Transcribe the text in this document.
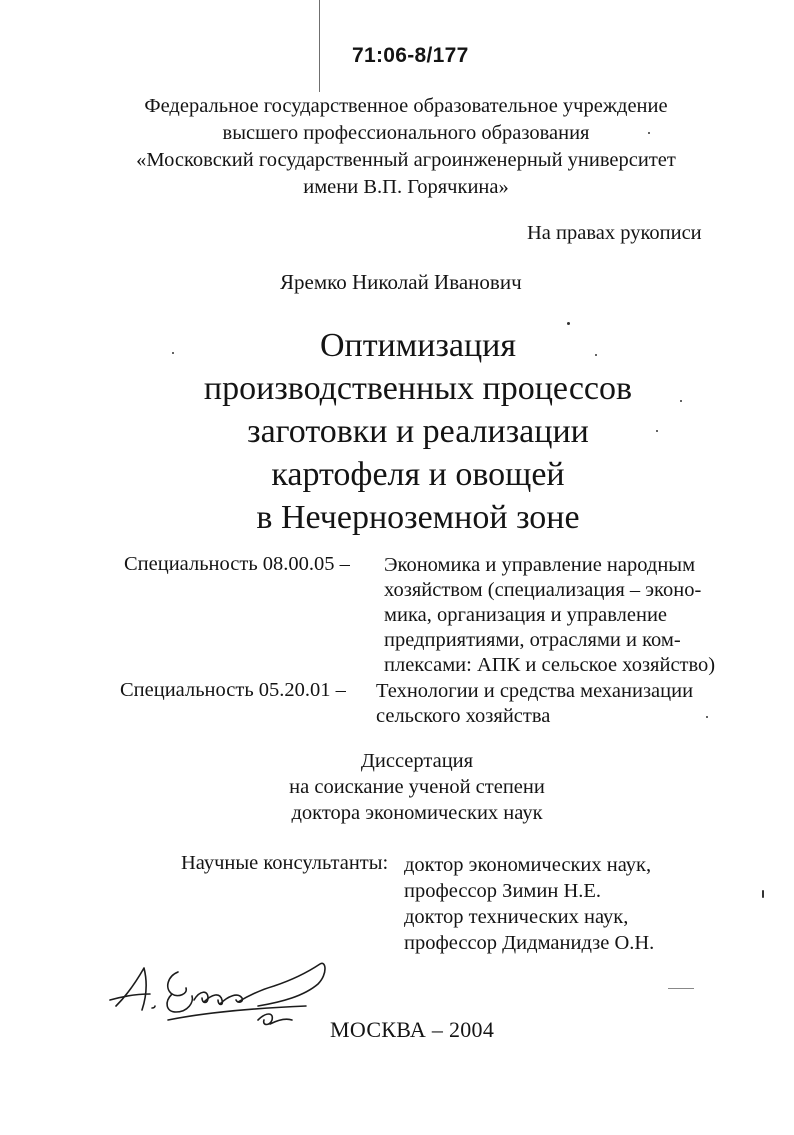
71:06-8/177
Федеральное государственное образовательное учреждение
высшего профессионального образования
«Московский государственный агроинженерный университет
имени В.П. Горячкина»
На правах рукописи
Яремко Николай Иванович
Оптимизация
производственных процессов
заготовки и реализации
картофеля и овощей
в Нечерноземной зоне
Специальность 08.00.05 – Экономика и управление народным
хозяйством (специализация – эконо-
мика, организация и управление
предприятиями, отраслями и ком-
плексами: АПК и сельское хозяйство)
Специальность 05.20.01 – Технологии и средства механизации
сельского хозяйства
Диссертация
на соискание ученой степени
доктора экономических наук
Научные консультанты: доктор экономических наук,
профессор Зимин Н.Е.
доктор технических наук,
профессор Дидманидзе О.Н.
МОСКВА – 2004
